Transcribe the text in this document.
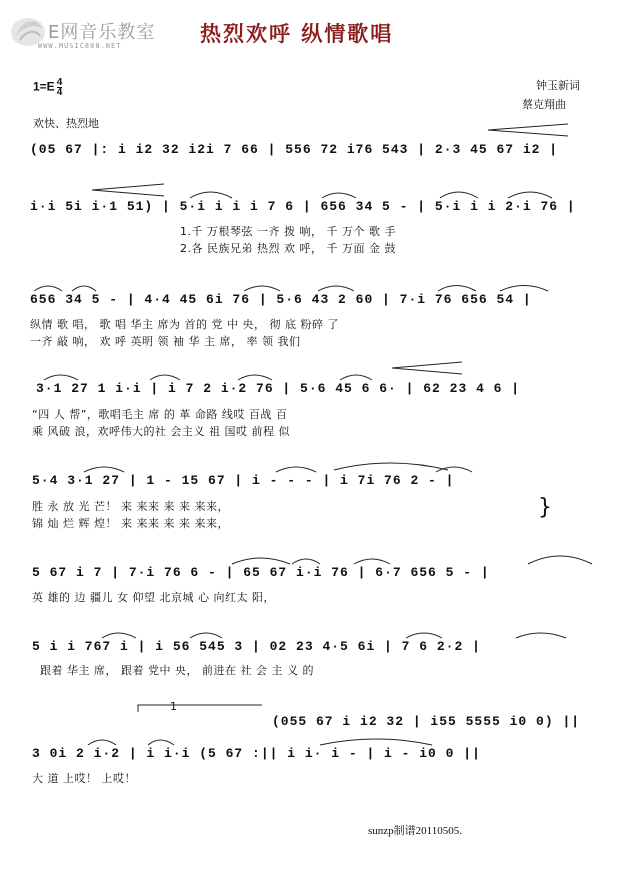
E网音乐教室
WWW.MUSIC888.NET	热烈欢呼 纵情歌唱
$1=E \frac{4}{4}$	钟玉新词
蔡克翔曲
欢快、热烈地
(05 67 |: i i2 32 i2i 7 66 | 556 72 i76 543 | 2·3 45 67 i2 |
i·i 5i i·1 51) | 5·i i i i 7 6 | 656 34 5 - | 5·i i i 2·i 76 |
1.千 万根琴弦 一齐 拨 响， 千 万个 歌 手
2.各 民族兄弟 热烈 欢 呼， 千 万面 金 鼓
656 34 5 - | 4·4 45 6i 76 | 5·6 43 2 60 | 7·i 76 656 54 |
纵情 歌 唱， 歌 唱 华主 席为 首的 党 中 央， 彻 底 粉碎 了
一齐 敲 响， 欢 呼 英明 领 袖 华 主 席， 率 领 我们
3·1 27 1 i·i | i 7 2 i·2 76 | 5·6 45 6 6· | 62 23 4 6 |
“四 人 帮”，歌唱毛主 席 的 革 命路 线哎 百战 百
乘 风破 浪，欢呼伟大的社 会主义 祖 国哎 前程 似
5·4 3·1 27 | 1 - 15 67 | i - - - | i 7i 76 2 - |
胜 永 放 光 芒！ 来 来来 来 来 来来，
锦 灿 烂 辉 煌！ 来 来来 来 来 来来，
}
5 67 i 7 | 7·i 76 6 - | 65 67 i·i 76 | 6·7 656 5 - |
英 雄的 边 疆儿 女 仰望 北京城 心 向红太 阳，
5 i i 767 i | i 56 545 3 | 02 23 4·5 6i | 7 6 2·2 |
跟着 华主 席， 跟着 党中 央， 前进在 社 会 主 义 的
(055 67 i i2 32 | i55 5555 i0 0) ||
3 0i 2 i·2 | i i·i (5 67 :|| i i· i - | i - i0 0 ||
大 道 上哎！ 上哎！
1
sunzp制谱20110505.
